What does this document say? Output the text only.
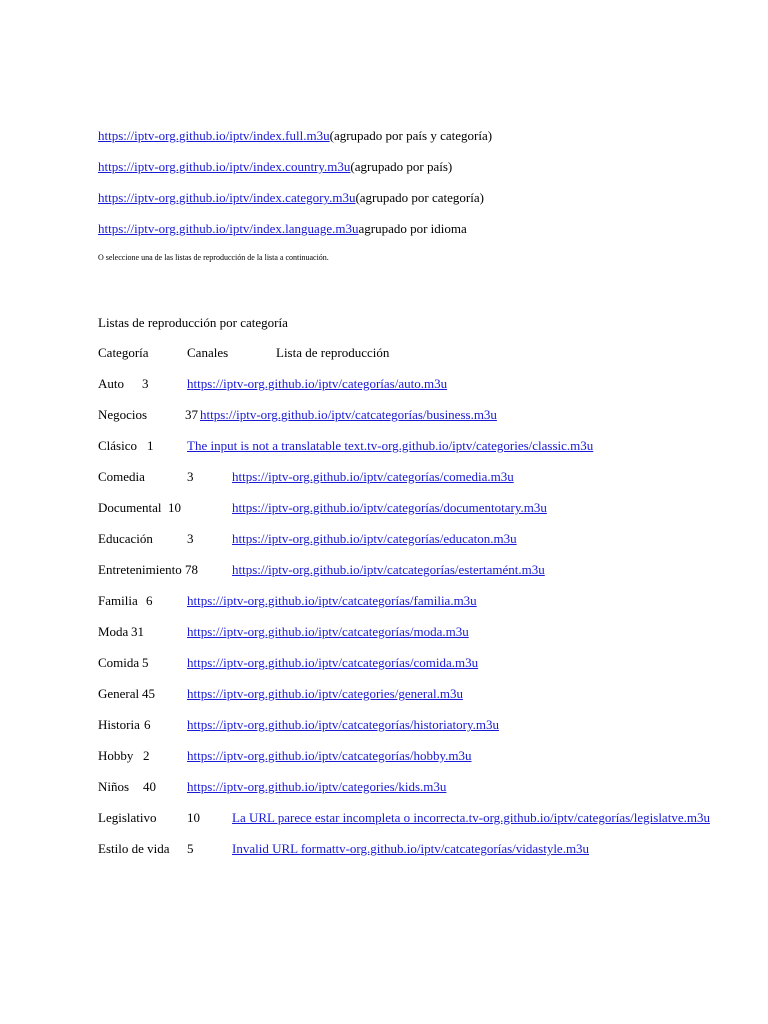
https://iptv-org.github.io/iptv/index.full.m3u(agrupado por país y categoría)
https://iptv-org.github.io/iptv/index.country.m3u(agrupado por país)
https://iptv-org.github.io/iptv/index.category.m3u(agrupado por categoría)
https://iptv-org.github.io/iptv/index.language.m3uagrupado por idioma
O seleccione una de las listas de reproducción de la lista a continuación.
Listas de reproducción por categoría
Categoría	Canales	Lista de reproducción
Auto 3	https://iptv-org.github.io/iptv/categorías/auto.m3u
Negocios	37 https://iptv-org.github.io/iptv/catcategorías/business.m3u
Clásico 1	The input is not a translatable text.tv-org.github.io/iptv/categories/classic.m3u
Comedia	3	https://iptv-org.github.io/iptv/categorías/comedia.m3u
Documental 10	https://iptv-org.github.io/iptv/categorías/documentotary.m3u
Educación	3	https://iptv-org.github.io/iptv/categorías/educaton.m3u
Entretenimiento 78	https://iptv-org.github.io/iptv/catcategorías/estertamént.m3u
Familia 6	https://iptv-org.github.io/iptv/catcategorías/familia.m3u
Moda 31	https://iptv-org.github.io/iptv/catcategorías/moda.m3u
Comida 5	https://iptv-org.github.io/iptv/catcategorías/comida.m3u
General 45 https://iptv-org.github.io/iptv/categories/general.m3u
Historia 6	https://iptv-org.github.io/iptv/catcategorías/historiatory.m3u
Hobby 2	https://iptv-org.github.io/iptv/catcategorías/hobby.m3u
Niños 40 https://iptv-org.github.io/iptv/categories/kids.m3u
Legislativo 10 La URL parece estar incompleta o incorrecta.tv-org.github.io/iptv/categorías/legislatve.m3u
Estilo de vida 5	Invalid URL formattv-org.github.io/iptv/catcategorías/vidastyle.m3u
